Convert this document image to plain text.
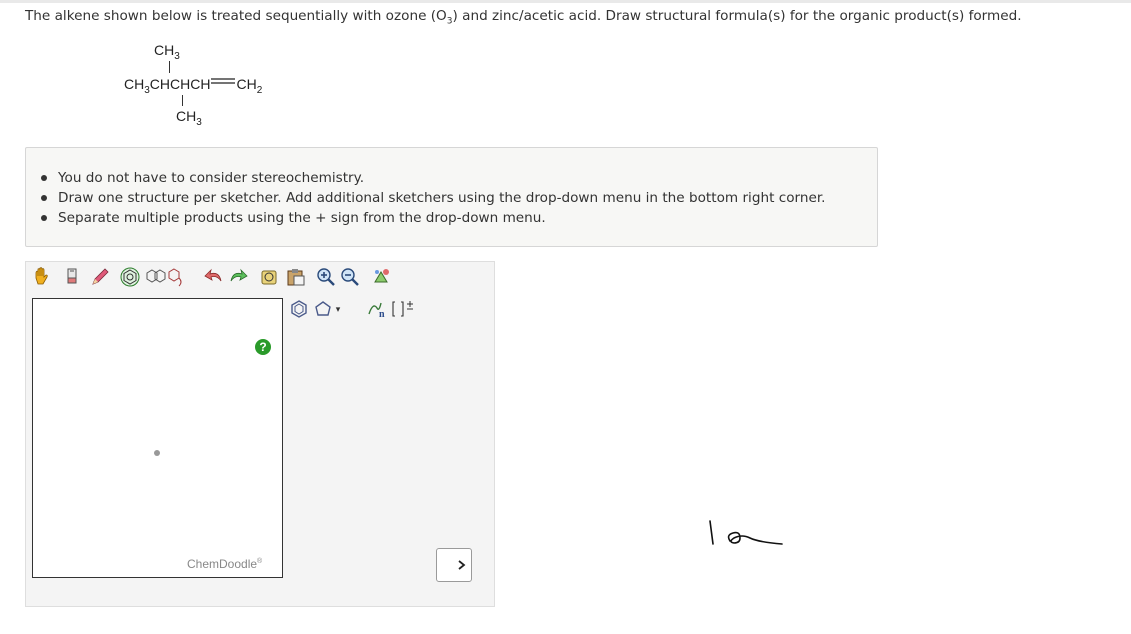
The alkene shown below is treated sequentially with ozone $(O_3)$ and zinc/acetic acid. Draw structural formula(s) for the organic product(s) formed.
$CH_3$
$CH_3CHCHCH$ $CH_2$
$CH_3$
You do not have to consider stereochemistry.
Draw one structure per sketcher. Add additional sketchers using the drop-down menu in the bottom right corner.
Separate multiple products using the + sign from the drop-down menu.
▾	n
?
ChemDoodle®
